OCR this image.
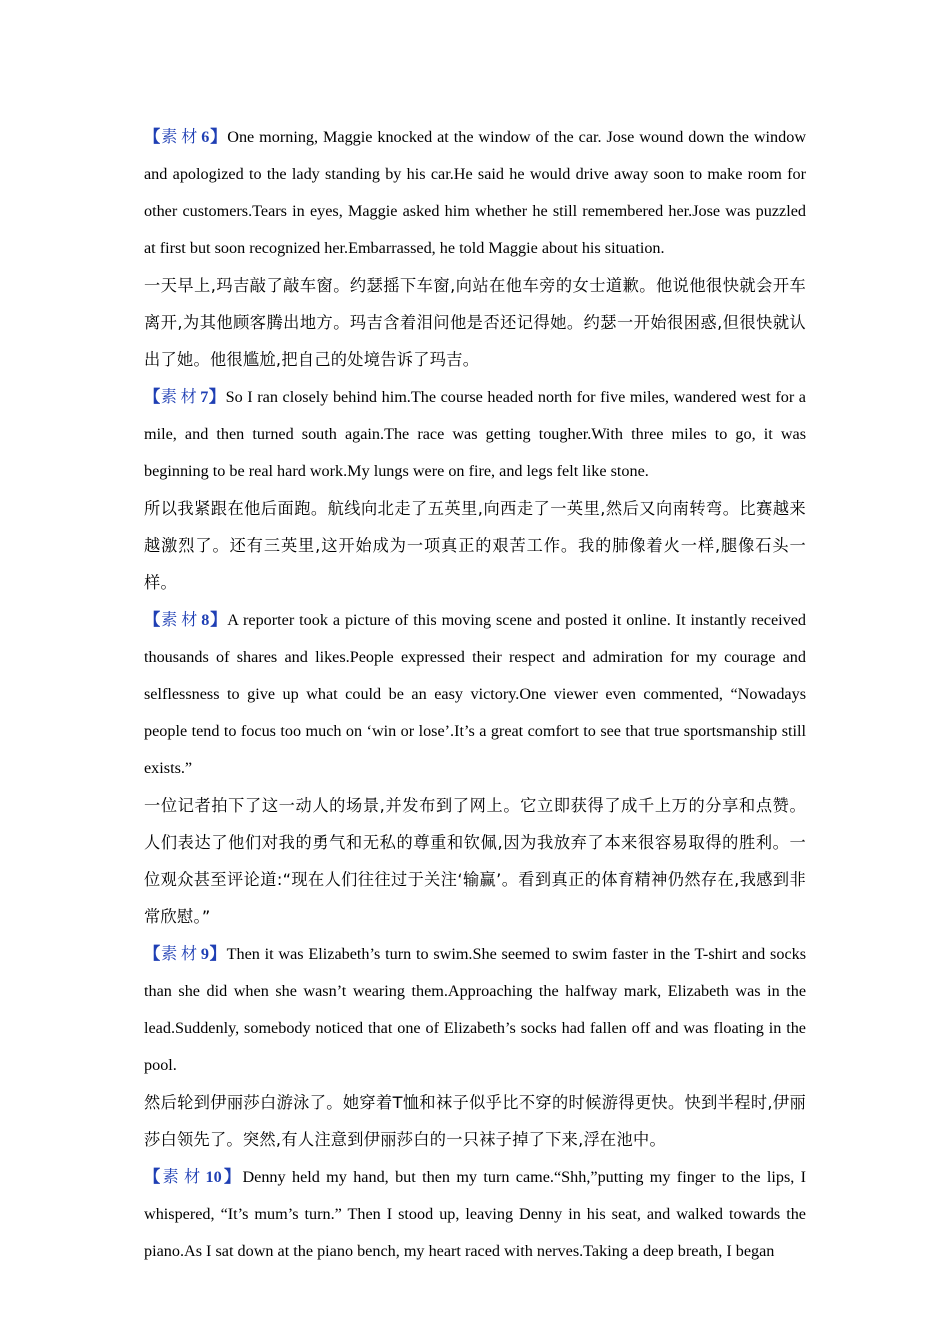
【素材6】One morning, Maggie knocked at the window of the car. Jose wound down the window and apologized to the lady standing by his car.He said he would drive away soon to make room for other customers.Tears in eyes, Maggie asked him whether he still remembered her.Jose was puzzled at first but soon recognized her.Embarrassed, he told Maggie about his situation.

一天早上,玛吉敲了敲车窗。约瑟摇下车窗,向站在他车旁的女士道歉。他说他很快就会开车离开,为其他顾客腾出地方。玛吉含着泪问他是否还记得她。约瑟一开始很困惑,但很快就认出了她。他很尴尬,把自己的处境告诉了玛吉。

【素材7】So I ran closely behind him.The course headed north for five miles, wandered west for a mile, and then turned south again.The race was getting tougher.With three miles to go, it was beginning to be real hard work.My lungs were on fire, and legs felt like stone.

所以我紧跟在他后面跑。航线向北走了五英里,向西走了一英里,然后又向南转弯。比赛越来越激烈了。还有三英里,这开始成为一项真正的艰苦工作。我的肺像着火一样,腿像石头一样。

【素材8】A reporter took a picture of this moving scene and posted it online. It instantly received thousands of shares and likes.People expressed their respect and admiration for my courage and selflessness to give up what could be an easy victory.One viewer even commented, “Nowadays people tend to focus too much on ‘win or lose’.It’s a great comfort to see that true sportsmanship still exists.”

一位记者拍下了这一动人的场景,并发布到了网上。它立即获得了成千上万的分享和点赞。人们表达了他们对我的勇气和无私的尊重和钦佩,因为我放弃了本来很容易取得的胜利。一位观众甚至评论道:“现在人们往往过于关注‘输赢’。看到真正的体育精神仍然存在,我感到非常欣慰。”

【素材9】Then it was Elizabeth’s turn to swim.She seemed to swim faster in the T-shirt and socks than she did when she wasn’t wearing them.Approaching the halfway mark, Elizabeth was in the lead.Suddenly, somebody noticed that one of Elizabeth’s socks had fallen off and was floating in the pool.

然后轮到伊丽莎白游泳了。她穿着T恤和袜子似乎比不穿的时候游得更快。快到半程时,伊丽莎白领先了。突然,有人注意到伊丽莎白的一只袜子掉了下来,浮在池中。

【素材10】Denny held my hand, but then my turn came.“Shh,”putting my finger to the lips, I whispered, “It’s mum’s turn.” Then I stood up, leaving Denny in his seat, and walked towards the piano.As I sat down at the piano bench, my heart raced with nerves.Taking a deep breath, I began
